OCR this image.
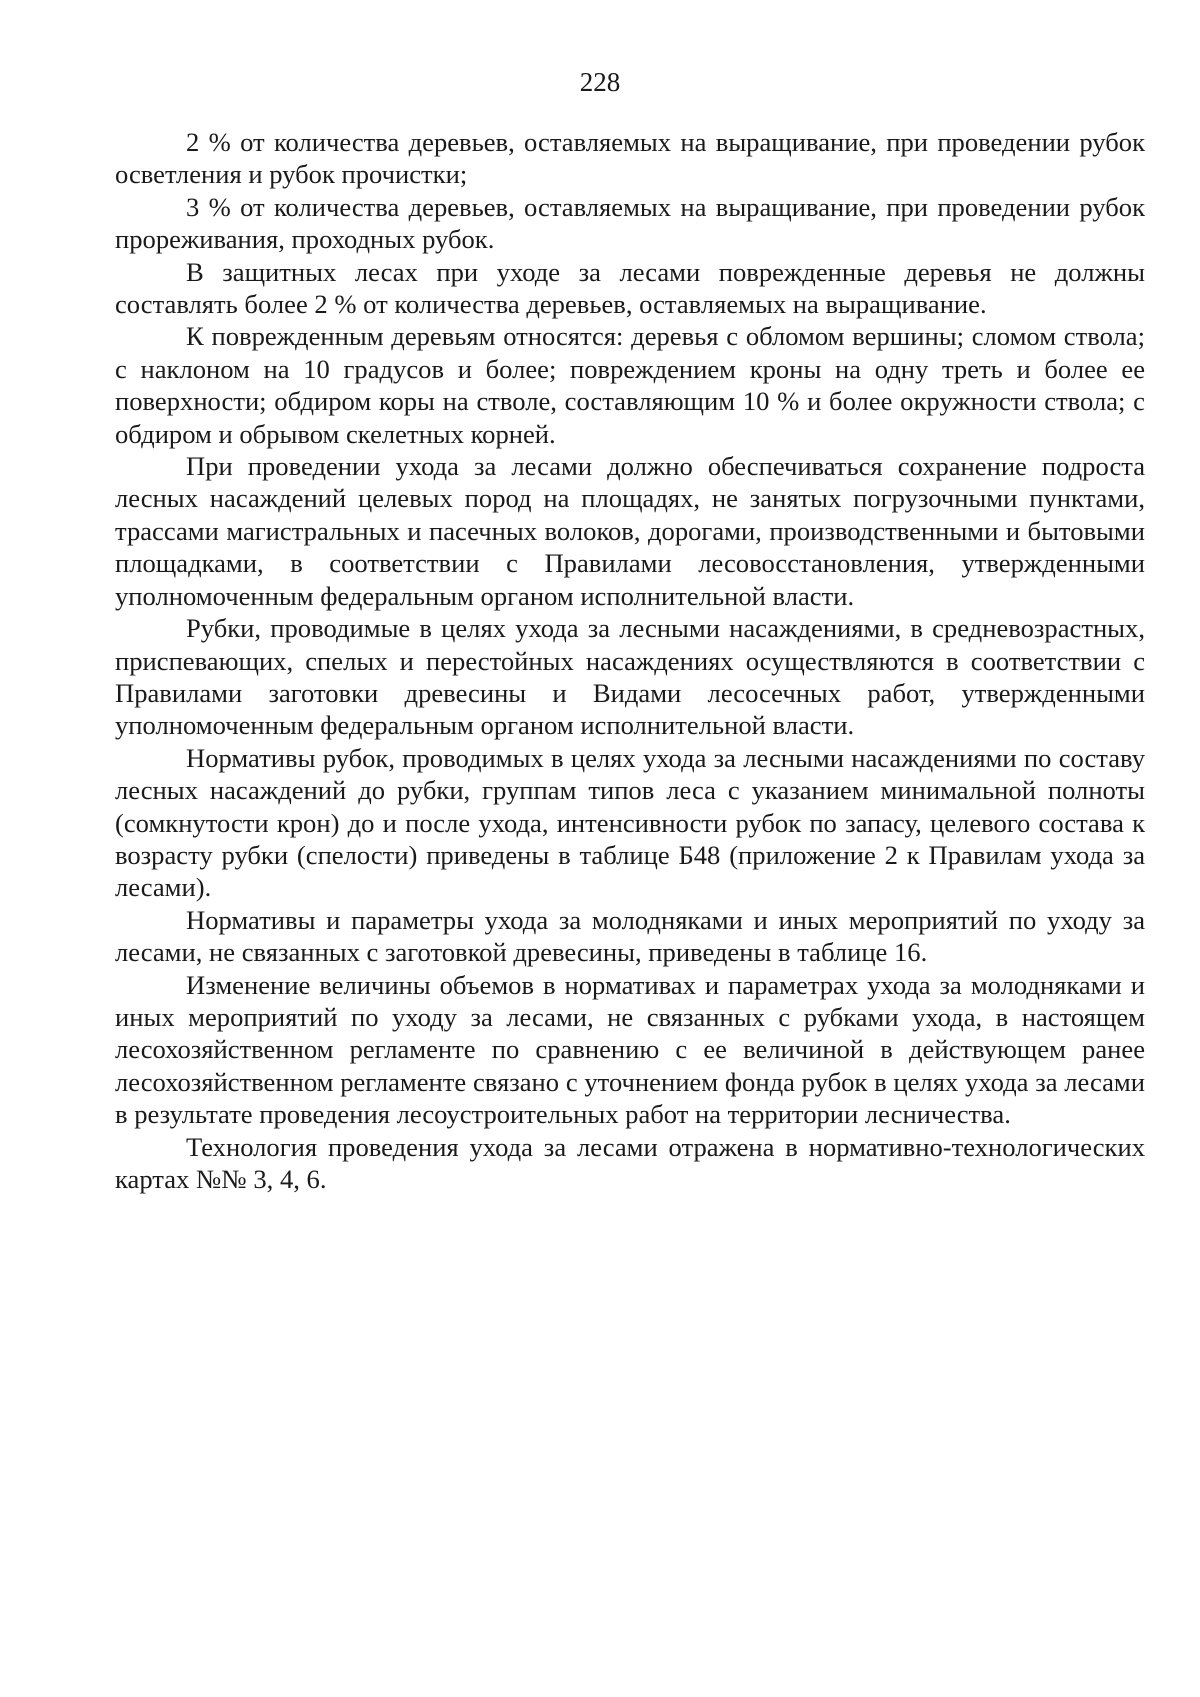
228

2 % от количества деревьев, оставляемых на выращивание, при проведении рубок осветления и рубок прочистки;

3 % от количества деревьев, оставляемых на выращивание, при проведении рубок прореживания, проходных рубок.

В защитных лесах при уходе за лесами поврежденные деревья не должны составлять более 2 % от количества деревьев, оставляемых на выращивание.

К поврежденным деревьям относятся: деревья с обломом вершины; сломом ствола; с наклоном на 10 градусов и более; повреждением кроны на одну треть и более ее поверхности; обдиром коры на стволе, составляющим 10 % и более окружности ствола; с обдиром и обрывом скелетных корней.

При проведении ухода за лесами должно обеспечиваться сохранение подроста лесных насаждений целевых пород на площадях, не занятых погрузочными пунктами, трассами магистральных и пасечных волоков, дорогами, производственными и бытовыми площадками, в соответствии с Правилами лесовосстановления, утвержденными уполномоченным федеральным органом исполнительной власти.

Рубки, проводимые в целях ухода за лесными насаждениями, в средневозрастных, приспевающих, спелых и перестойных насаждениях осуществляются в соответствии с Правилами заготовки древесины и Видами лесосечных работ, утвержденными уполномоченным федеральным органом исполнительной власти.

Нормативы рубок, проводимых в целях ухода за лесными насаждениями по составу лесных насаждений до рубки, группам типов леса с указанием минимальной полноты (сомкнутости крон) до и после ухода, интенсивности рубок по запасу, целевого состава к возрасту рубки (спелости) приведены в таблице Б48 (приложение 2 к Правилам ухода за лесами).

Нормативы и параметры ухода за молодняками и иных мероприятий по уходу за лесами, не связанных с заготовкой древесины, приведены в таблице 16.

Изменение величины объемов в нормативах и параметрах ухода за молодняками и иных мероприятий по уходу за лесами, не связанных с рубками ухода, в настоящем лесохозяйственном регламенте по сравнению с ее величиной в действующем ранее лесохозяйственном регламенте связано с уточнением фонда рубок в целях ухода за лесами в результате проведения лесоустроительных работ на территории лесничества.

Технология проведения ухода за лесами отражена в нормативно-технологических картах №№ 3, 4, 6.
